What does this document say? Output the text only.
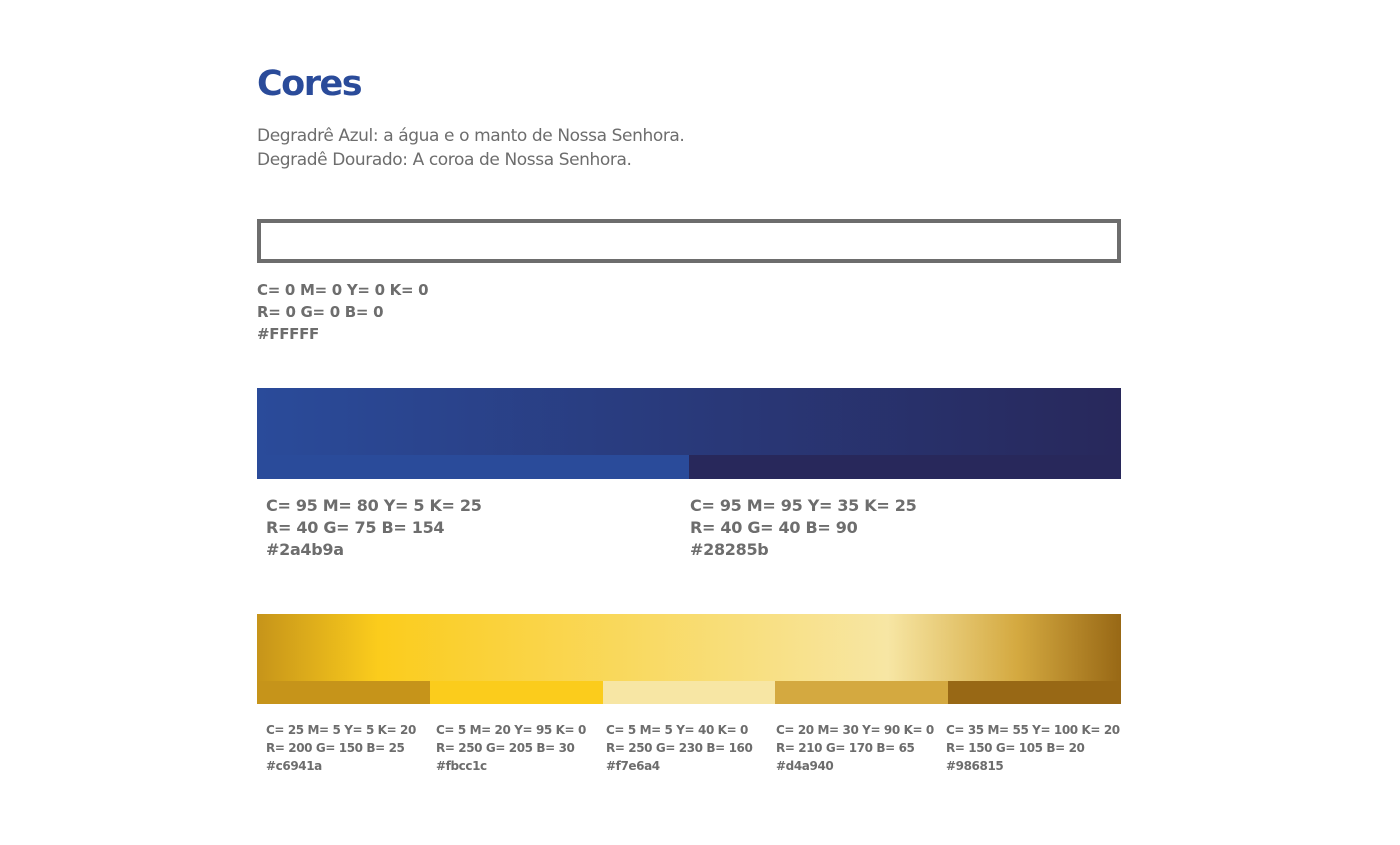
Cores
Degradrê Azul: a água e o manto de Nossa Senhora.
Degradê Dourado: A coroa de Nossa Senhora.
C= 0 M= 0 Y= 0 K= 0
R= 0 G= 0 B= 0
#FFFFF
C= 95 M= 80 Y= 5 K= 25
R= 40 G= 75 B= 154
#2a4b9a
C= 95 M= 95 Y= 35 K= 25
R= 40 G= 40 B= 90
#28285b
C= 25 M= 5 Y= 5 K= 20
R= 200 G= 150 B= 25
#c6941a
C= 5 M= 20 Y= 95 K= 0
R= 250 G= 205 B= 30
#fbcc1c
C= 5 M= 5 Y= 40 K= 0
R= 250 G= 230 B= 160
#f7e6a4
C= 20 M= 30 Y= 90 K= 0
R= 210 G= 170 B= 65
#d4a940
C= 35 M= 55 Y= 100 K= 20
R= 150 G= 105 B= 20
#986815
